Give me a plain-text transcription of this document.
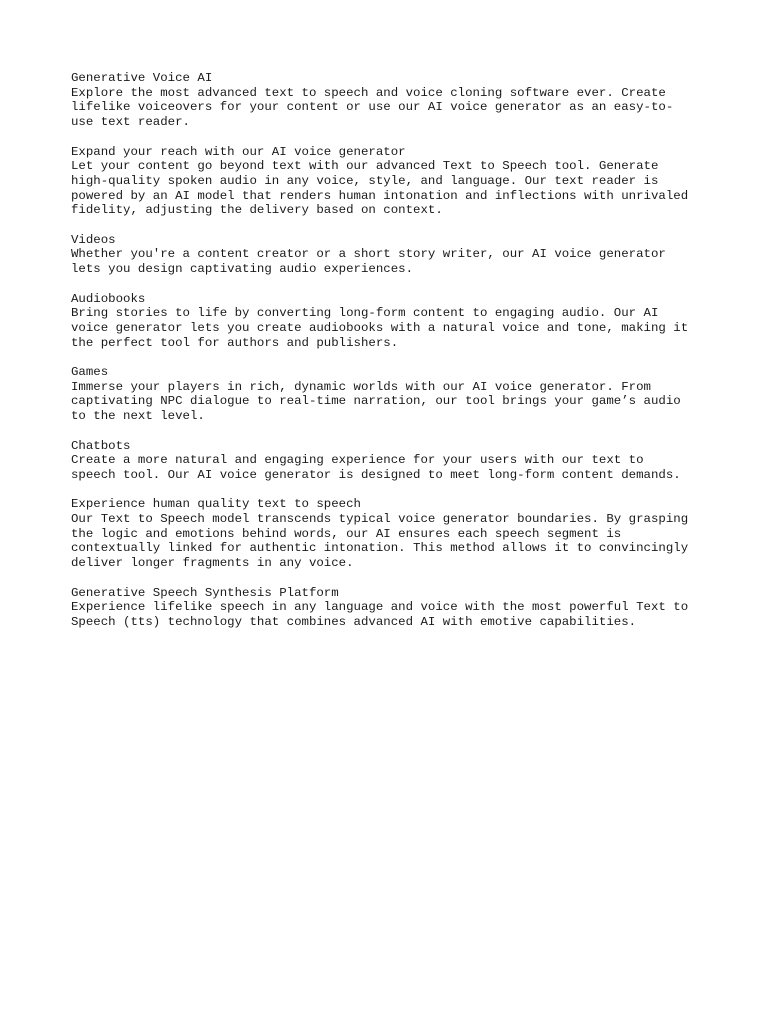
Generative Voice AI
Explore the most advanced text to speech and voice cloning software ever. Create
lifelike voiceovers for your content or use our AI voice generator as an easy-to-
use text reader.
Expand your reach with our AI voice generator
Let your content go beyond text with our advanced Text to Speech tool. Generate
high-quality spoken audio in any voice, style, and language. Our text reader is
powered by an AI model that renders human intonation and inflections with unrivaled
fidelity, adjusting the delivery based on context.
Videos
Whether you're a content creator or a short story writer, our AI voice generator
lets you design captivating audio experiences.
Audiobooks
Bring stories to life by converting long-form content to engaging audio. Our AI
voice generator lets you create audiobooks with a natural voice and tone, making it
the perfect tool for authors and publishers.
Games
Immerse your players in rich, dynamic worlds with our AI voice generator. From
captivating NPC dialogue to real-time narration, our tool brings your game’s audio
to the next level.
Chatbots
Create a more natural and engaging experience for your users with our text to
speech tool. Our AI voice generator is designed to meet long-form content demands.
Experience human quality text to speech
Our Text to Speech model transcends typical voice generator boundaries. By grasping
the logic and emotions behind words, our AI ensures each speech segment is
contextually linked for authentic intonation. This method allows it to convincingly
deliver longer fragments in any voice.
Generative Speech Synthesis Platform
Experience lifelike speech in any language and voice with the most powerful Text to
Speech (tts) technology that combines advanced AI with emotive capabilities.
